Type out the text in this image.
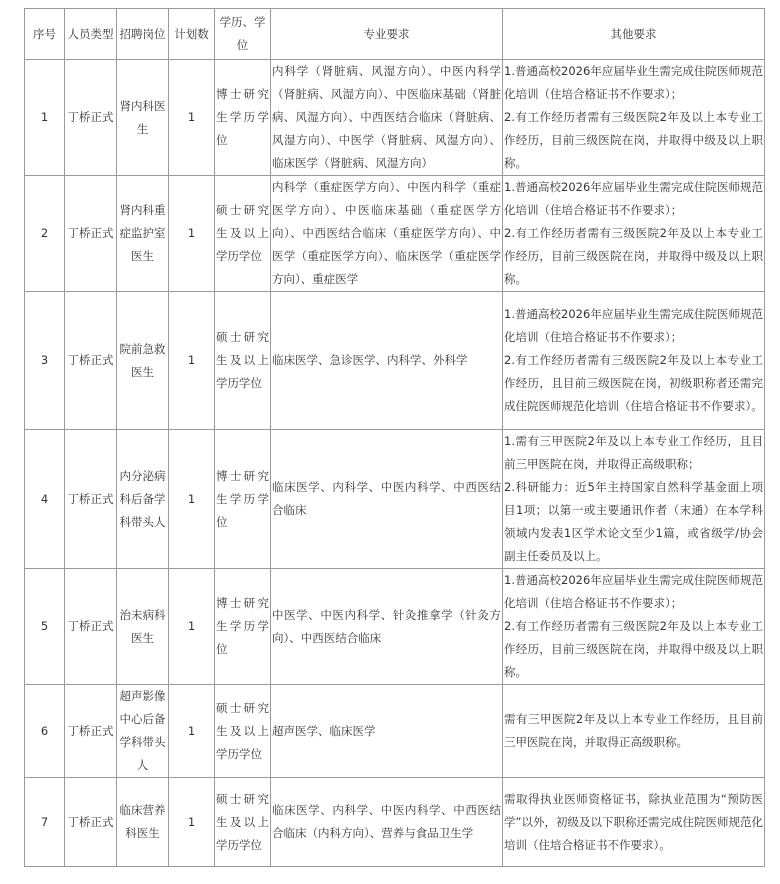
序号	人员类型	招聘岗位	计划数	学历、学位	专业要求	其他要求
1	丁桥正式	肾内科医生	1	博士研究生学历学位	内科学（肾脏病、风湿方向）、中医内科学（肾脏病、风湿方向）、中医临床基础（肾脏病、风湿方向）、中西医结合临床（肾脏病、风湿方向）、中医学（肾脏病、风湿方向）、临床医学（肾脏病、风湿方向）	1.普通高校2026年应届毕业生需完成住院医师规范化培训（住培合格证书不作要求）；
2.有工作经历者需有三级医院2年及以上本专业工作经历，目前三级医院在岗，并取得中级及以上职称。

2	丁桥正式	肾内科重症监护室医生	1	硕士研究生及以上学历学位	内科学（重症医学方向）、中医内科学（重症医学方向）、中医临床基础（重症医学方向）、中西医结合临床（重症医学方向）、中医学（重症医学方向）、临床医学（重症医学方向）、重症医学	1.普通高校2026年应届毕业生需完成住院医师规范化培训（住培合格证书不作要求）；
2.有工作经历者需有三级医院2年及以上本专业工作经历，目前三级医院在岗，并取得中级及以上职称。

3	丁桥正式	院前急救医生	1	硕士研究生及以上学历学位	临床医学、急诊医学、内科学、外科学	1.普通高校2026年应届毕业生需完成住院医师规范化培训（住培合格证书不作要求）；
2.有工作经历者需有三级医院2年及以上本专业工作经历，且目前三级医院在岗，初级职称者还需完成住院医师规范化培训（住培合格证书不作要求）。

4	丁桥正式	内分泌病科后备学科带头人	1	博士研究生学历学位	临床医学、内科学、中医内科学、中西医结合临床	1.需有三甲医院2年及以上本专业工作经历，且目前三甲医院在岗，并取得正高级职称；
2.科研能力：近5年主持国家自然科学基金面上项目1项；以第一或主要通讯作者（末通）在本学科领域内发表1区学术论文至少1篇，或省级学/协会副主任委员及以上。

5	丁桥正式	治未病科医生	1	博士研究生学历学位	中医学、中医内科学、针灸推拿学（针灸方向）、中西医结合临床	1.普通高校2026年应届毕业生需完成住院医师规范化培训（住培合格证书不作要求）；
2.有工作经历者需有三级医院2年及以上本专业工作经历，目前三级医院在岗，并取得中级及以上职称。

6	丁桥正式	超声影像中心后备学科带头人	1	硕士研究生及以上学历学位	超声医学、临床医学	需有三甲医院2年及以上本专业工作经历，且目前三甲医院在岗，并取得正高级职称。

7	丁桥正式	临床营养科医生	1	硕士研究生及以上学历学位	临床医学、内科学、中医内科学、中西医结合临床（内科方向）、营养与食品卫生学	需取得执业医师资格证书，除执业范围为“预防医学”以外，初级及以下职称还需完成住院医师规范化培训（住培合格证书不作要求）。
